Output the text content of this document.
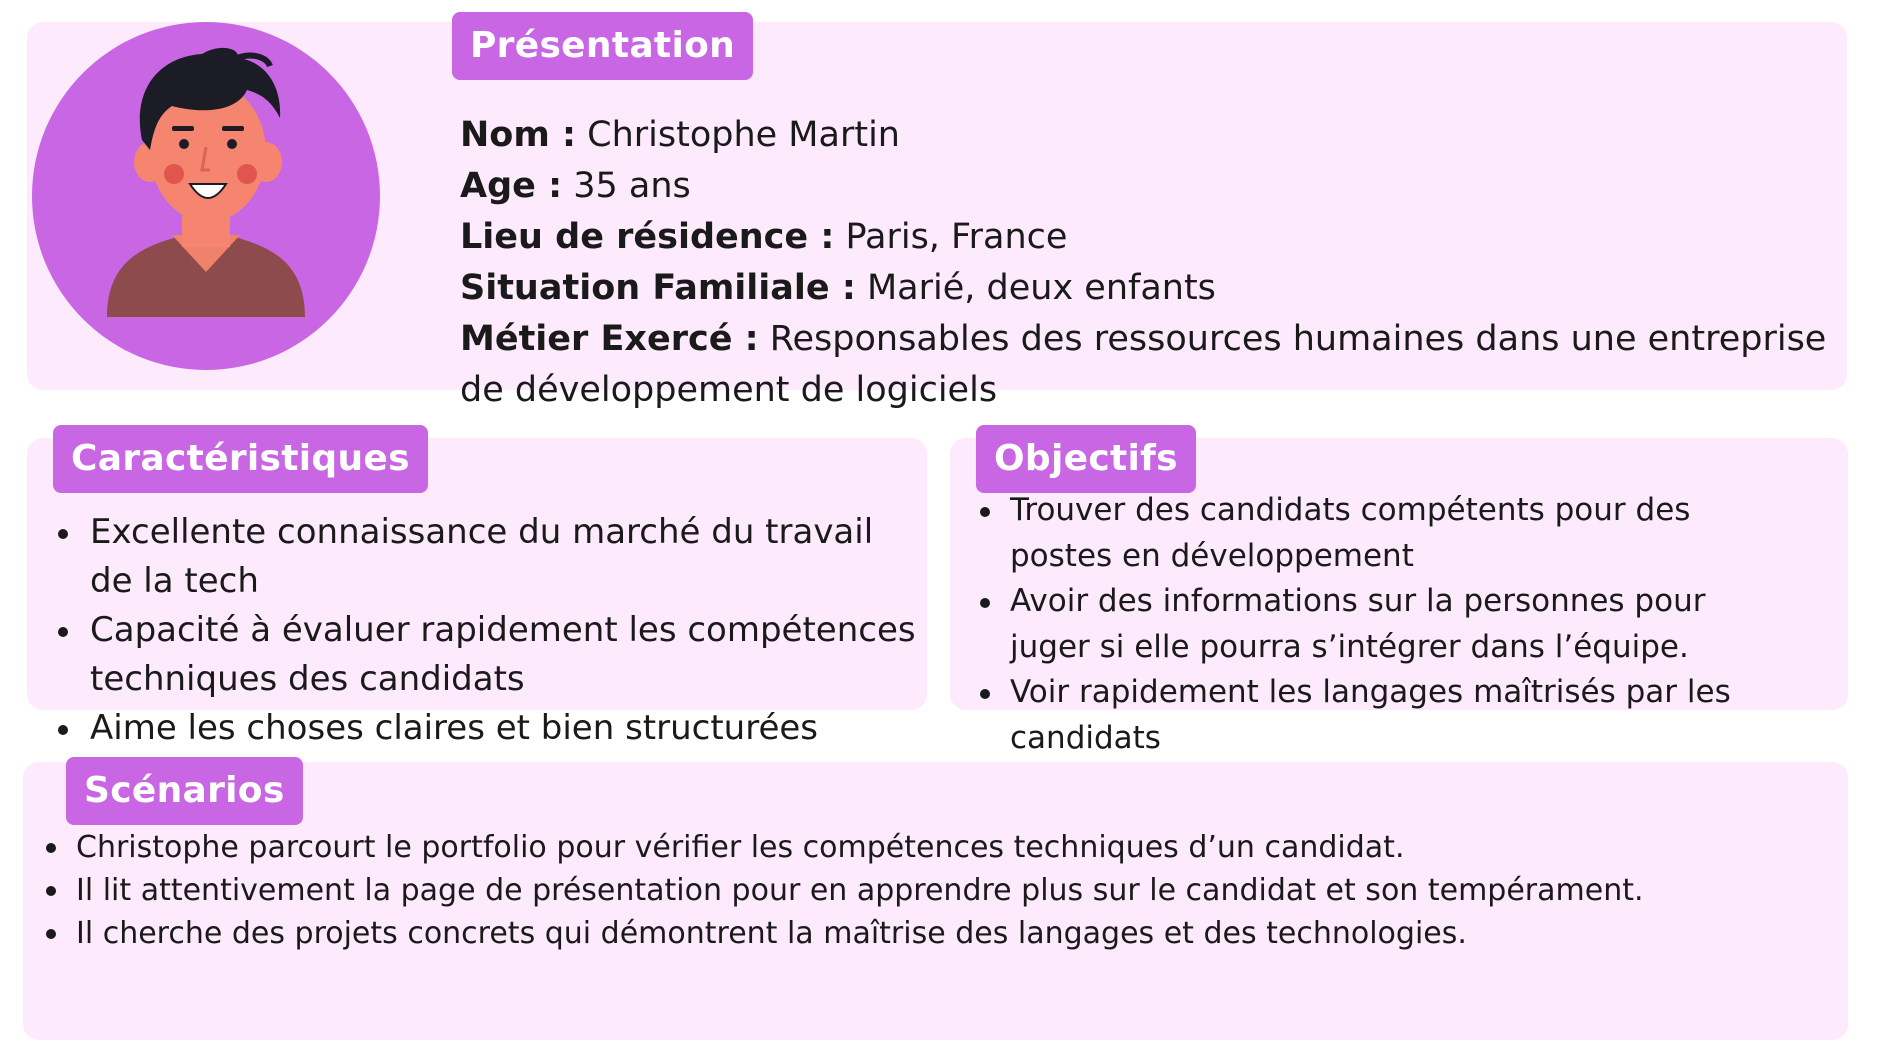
Présentation
Caractéristiques	Objectifs
Scénarios
Nom : Christophe Martin
Age : 35 ans
Lieu de résidence : Paris, France
Situation Familiale : Marié, deux enfants
Métier Exercé : Responsables des ressources humaines dans une entreprise de développement de logiciels
Excellente connaissance du marché du travail de la tech
Capacité à évaluer rapidement les compétences techniques des candidats
Aime les choses claires et bien structurées
Trouver des candidats compétents pour des postes en développement
Avoir des informations sur la personnes pour juger si elle pourra s’intégrer dans l’équipe.
Voir rapidement les langages maîtrisés par les candidats
Christophe parcourt le portfolio pour vérifier les compétences techniques d’un candidat.
Il lit attentivement la page de présentation pour en apprendre plus sur le candidat et son tempérament.
Il cherche des projets concrets qui démontrent la maîtrise des langages et des technologies.
